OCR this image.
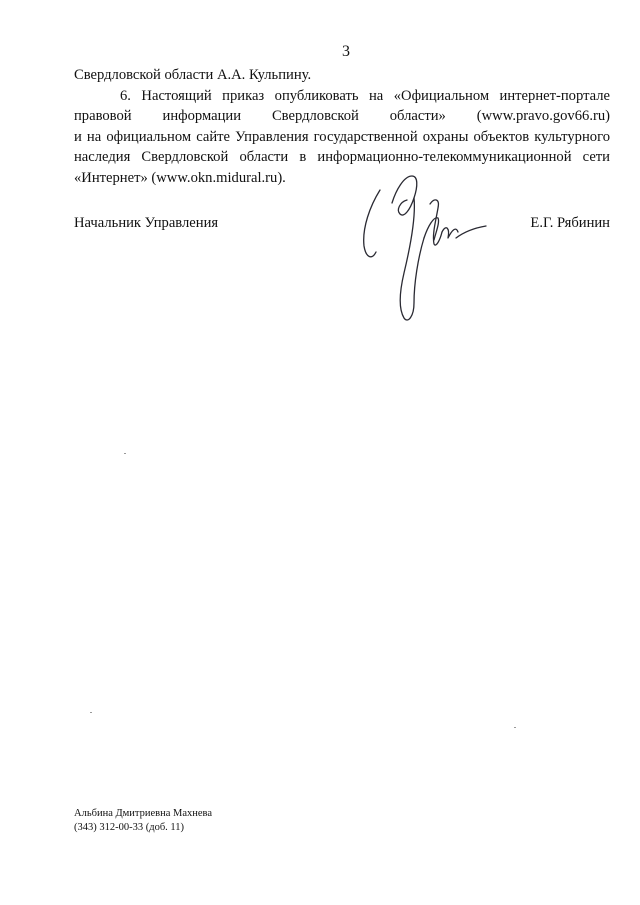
3

Свердловской области А.А. Кульпину.

6. Настоящий приказ опубликовать на «Официальном интернет-портале
правовой информации Свердловской области» (www.pravo.gov66.ru)
и на официальном сайте Управления государственной охраны объектов культурного
наследия Свердловской области в информационно-телекоммуникационной сети
«Интернет» (www.okn.midural.ru).

Начальник Управления	Е.Г. Рябинин
Альбина Дмитриевна Махнева
(343) 312-00-33 (доб. 11)
